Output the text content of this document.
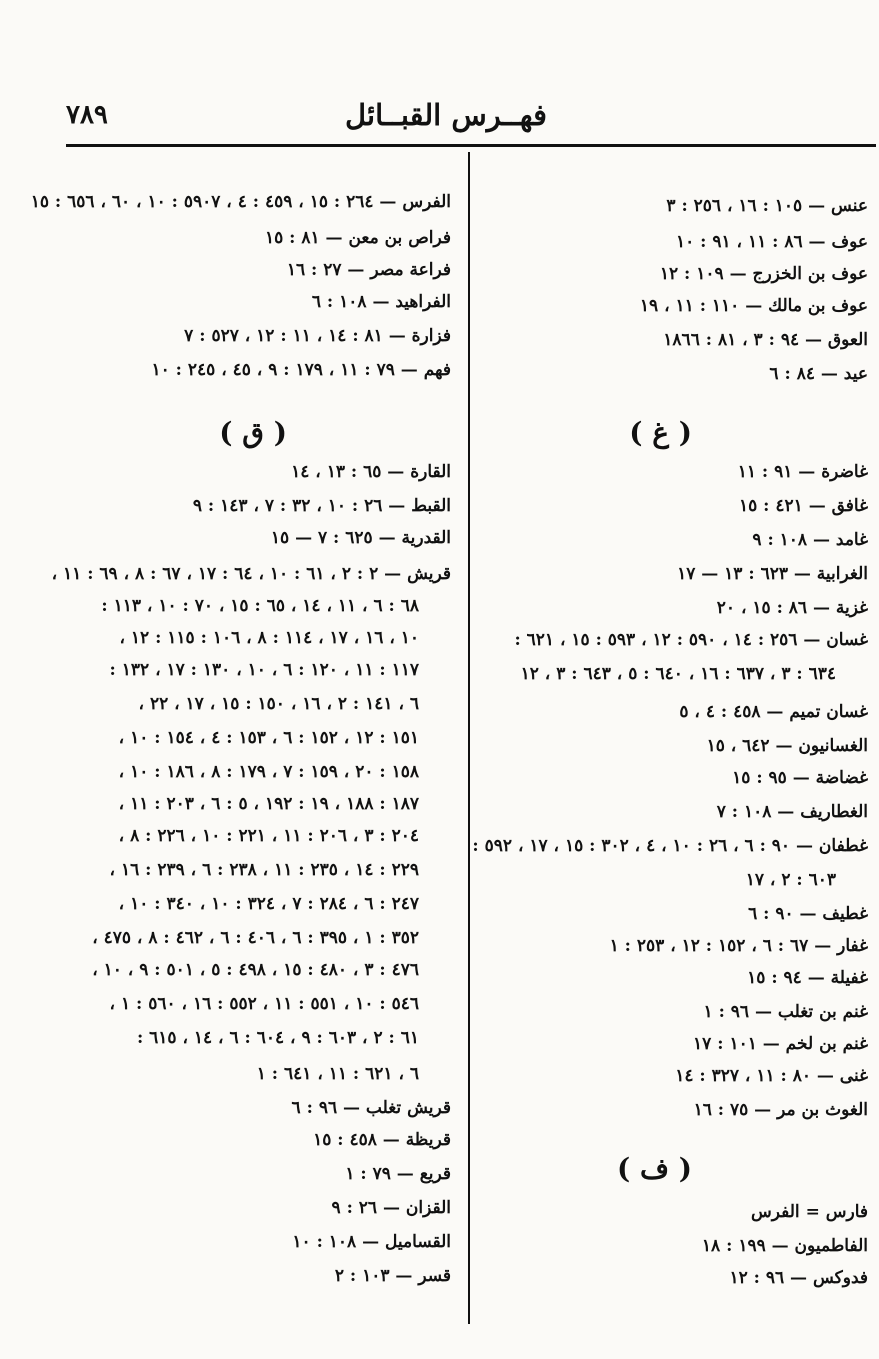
٧٨٩	فهــرس القبــائل
عنس — ١٠٥ : ١٦ ، ٢٥٦ : ٣
عوف — ٨٦ : ١١ ، ٩١ : ١٠
عوف بن الخزرج — ١٠٩ : ١٢
عوف بن مالك — ١١٠ : ١١ ، ١٩
العوق — ٩٤ : ٣ ، ٨١ : ١٨٦٦
عيد — ٨٤ : ٦
( غ )
غاضرة — ٩١ : ١١
غافق — ٤٢١ : ١٥
غامد — ١٠٨ : ٩
الغرابية — ٦٢٣ : ١٣ — ١٧
غزية — ٨٦ : ١٥ ، ٢٠
غسان — ٢٥٦ : ١٤ ، ٥٩٠ : ١٢ ، ٥٩٣ : ١٥ ، ٦٢١ :
٦٣٤ : ٣ ، ٦٣٧ : ١٦ ، ٦٤٠ : ٥ ، ٦٤٣ : ٣ ، ١٢
غسان تميم — ٤٥٨ : ٤ ، ٥
الغسانيون — ٦٤٢ ، ١٥
غضاضة — ٩٥ : ١٥
الغطاريف — ١٠٨ : ٧
غطفان — ٩٠ : ٦ ، ٢٦ : ١٠ ، ٤ ، ٣٠٢ : ١٥ ، ١٧ ، ٥٩٢ :
٦٠٣ : ٢ ، ١٧
غطيف — ٩٠ : ٦
غفار — ٦٧ : ٦ ، ١٥٢ : ١٢ ، ٢٥٣ : ١
غفيلة — ٩٤ : ١٥
غنم بن تغلب — ٩٦ : ١
غنم بن لخم — ١٠١ : ١٧
غنى — ٨٠ : ١١ ، ٣٢٧ : ١٤
الغوث بن مر — ٧٥ : ١٦
( ف )
فارس = الفرس
الفاطميون — ١٩٩ : ١٨
فدوكس — ٩٦ : ١٢
الفرس — ٢٦٤ : ١٥ ، ٤٥٩ : ٤ ، ٥٩٠٧ : ١٠ ، ٦٠ ، ٦٥٦ : ١٥
فراص بن معن — ٨١ : ١٥
فراعة مصر — ٢٧ : ١٦
الفراهيد — ١٠٨ : ٦
فزارة — ٨١ : ١٤ ، ١١ : ١٢ ، ٥٢٧ : ٧
فهم — ٧٩ : ١١ ، ١٧٩ : ٩ ، ٤٥ ، ٢٤٥ : ١٠
( ق )
القارة — ٦٥ : ١٣ ، ١٤
القبط — ٢٦ : ١٠ ، ٣٢ : ٧ ، ١٤٣ : ٩
القدرية — ٦٢٥ : ٧ — ١٥
قريش — ٢ : ٢ ، ٦١ : ١٠ ، ٦٤ : ١٧ ، ٦٧ : ٨ ، ٦٩ : ١١ ،
٦٨ : ٦ ، ١١ ، ١٤ ، ٦٥ : ١٥ ، ٧٠ : ١٠ ، ١١٣ :
١٠ ، ١٦ ، ١٧ ، ١١٤ : ٨ ، ١٠٦ : ١١٥ : ١٢ ،
١١٧ : ١١ ، ١٢٠ : ٦ ، ١٠ ، ١٣٠ : ١٧ ، ١٣٢ :
٦ ، ١٤١ : ٢ ، ١٦ ، ١٥٠ : ١٥ ، ١٧ ، ٢٢ ،
١٥١ : ١٢ ، ١٥٢ : ٦ ، ١٥٣ : ٤ ، ١٥٤ : ١٠ ،
١٥٨ : ٢٠ ، ١٥٩ : ٧ ، ١٧٩ : ٨ ، ١٨٦ : ١٠ ،
١٨٧ : ١٨٨ ، ١٩ : ١٩٢ ، ٥ : ٦ ، ٢٠٣ : ١١ ،
٢٠٤ : ٣ ، ٢٠٦ : ١١ ، ٢٢١ : ١٠ ، ٢٢٦ : ٨ ،
٢٢٩ : ١٤ ، ٢٣٥ : ١١ ، ٢٣٨ : ٦ ، ٢٣٩ : ١٦ ،
٢٤٧ : ٦ ، ٢٨٤ : ٧ ، ٣٢٤ : ١٠ ، ٣٤٠ : ١٠ ،
٣٥٢ : ١ ، ٣٩٥ : ٦ ، ٤٠٦ : ٦ ، ٤٦٢ : ٨ ، ٤٧٥ ،
٤٧٦ : ٣ ، ٤٨٠ : ١٥ ، ٤٩٨ : ٥ ، ٥٠١ : ٩ ، ١٠ ،
٥٤٦ : ١٠ ، ٥٥١ : ١١ ، ٥٥٢ : ١٦ ، ٥٦٠ : ١ ،
٦١ : ٢ ، ٦٠٣ : ٩ ، ٦٠٤ : ٦ ، ١٤ ، ٦١٥ :
٦ ، ٦٢١ : ١١ ، ٦٤١ : ١
قريش تغلب — ٩٦ : ٦
قريظة — ٤٥٨ : ١٥
قريع — ٧٩ : ١
القزان — ٢٦ : ٩
القساميل — ١٠٨ : ١٠
قسر — ١٠٣ : ٢
